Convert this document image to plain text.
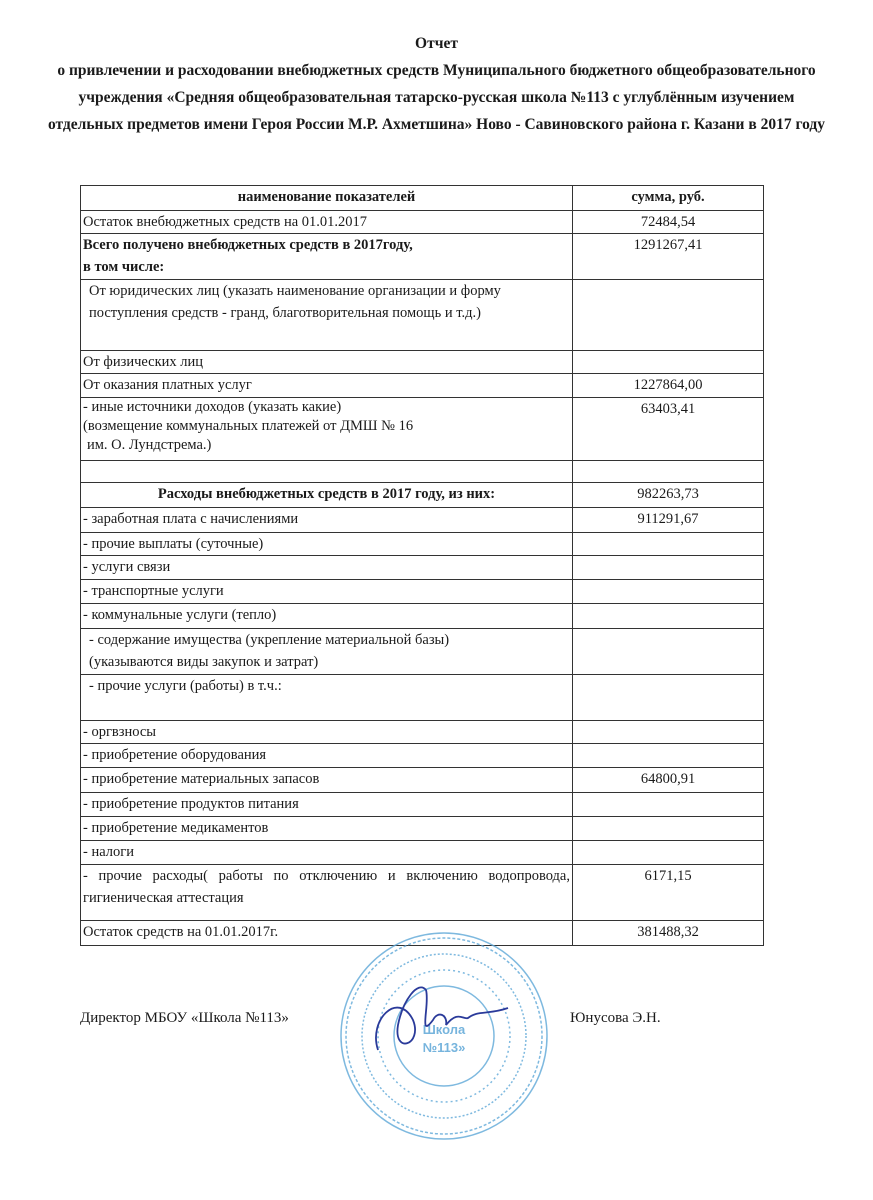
Отчет
о привлечении и расходовании внебюджетных средств Муниципального бюджетного общеобразовательного учреждения «Средняя общеобразовательная татарско-русская школа №113 с углублённым изучением отдельных предметов имени Героя России М.Р. Ахметшина» Ново - Савиновского района г. Казани в 2017 году
наименование показателей	сумма, руб.
Остаток внебюджетных средств на 01.01.2017	72484,54

Всего получено внебюджетных средств в 2017году,
в том числе:	1291267,41
От юридических лиц (указать наименование организации и форму поступления средств - гранд, благотворительная помощь и т.д.)	
От физических лиц	
От оказания платных услуг	1227864,00

- иные источники доходов (указать какие)
(возмещение коммунальных платежей от ДМШ № 16
им. О. Лундстрема.)	63403,41

Расходы внебюджетных средств в 2017 году, из них:	982263,73
- заработная плата с начислениями	911291,67
- прочие выплаты (суточные)	
- услуги связи	
- транспортные услуги	
- коммунальные услуги (тепло)	

- содержание имущества (укрепление материальной базы)
(указываются виды закупок и затрат)	

- прочие услуги (работы) в т.ч.:	
- оргвзносы	
- приобретение оборудования	
- приобретение материальных запасов	64800,91
- приобретение продуктов питания	
- приобретение медикаментов	
- налоги	
- прочие расходы( работы по отключению и включению водопровода, гигиеническая аттестация	6171,15
Остаток средств на 01.01.2017г.	381488,32
Директор МБОУ «Школа №113»	Юнусова Э.Н.
Школа
№113»
